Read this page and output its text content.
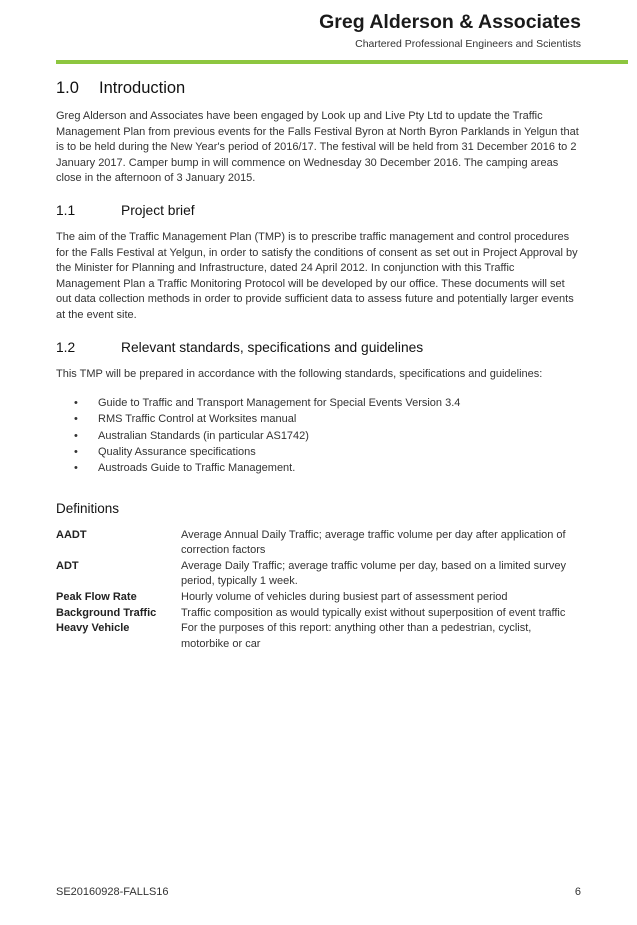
Greg Alderson & Associates
Chartered Professional Engineers and Scientists
1.0 Introduction

Greg Alderson and Associates have been engaged by Look up and Live Pty Ltd to update the Traffic Management Plan from previous events for the Falls Festival Byron at North Byron Parklands in Yelgun that is to be held during the New Year's period of 2016/17. The festival will be held from 31 December 2016 to 2 January 2017. Camper bump in will commence on Wednesday 30 December 2016. The camping areas close in the afternoon of 3 January 2015.

1.1	Project brief

The aim of the Traffic Management Plan (TMP) is to prescribe traffic management and control procedures for the Falls Festival at Yelgun, in order to satisfy the conditions of consent as set out in Project Approval by the Minister for Planning and Infrastructure, dated 24 April 2012. In conjunction with this Traffic Management Plan a Traffic Monitoring Protocol will be developed by our office. These documents will set out data collection methods in order to provide sufficient data to assess future and potentially larger events at the event site.

1.2	Relevant standards, specifications and guidelines

This TMP will be prepared in accordance with the following standards, specifications and guidelines:

• Guide to Traffic and Transport Management for Special Events Version 3.4
• RMS Traffic Control at Worksites manual
• Australian Standards (in particular AS1742)
• Quality Assurance specifications
• Austroads Guide to Traffic Management.
Definitions
AADT	Average Annual Daily Traffic; average traffic volume per day after application of correction factors
ADT	Average Daily Traffic; average traffic volume per day, based on a limited survey period, typically 1 week.
Peak Flow Rate	Hourly volume of vehicles during busiest part of assessment period
Background Traffic	Traffic composition as would typically exist without superposition of event traffic
Heavy Vehicle	For the purposes of this report: anything other than a pedestrian, cyclist, motorbike or car
SE20160928-FALLS16	6
